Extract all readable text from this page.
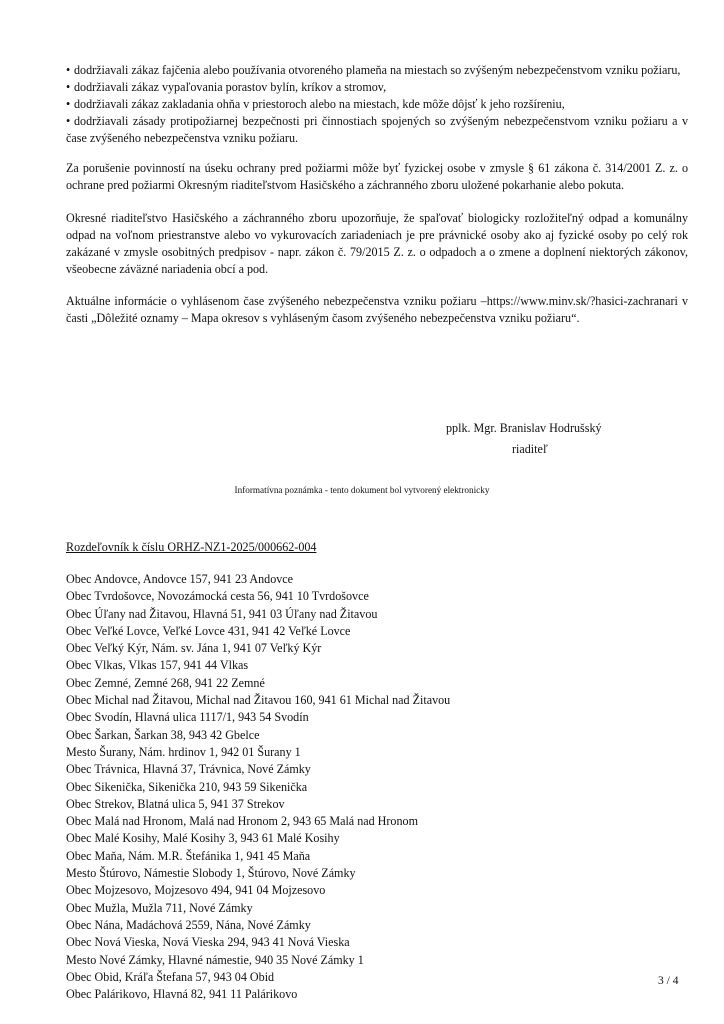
• dodržiavali zákaz fajčenia alebo používania otvoreného plameňa na miestach so zvýšeným nebezpečenstvom vzniku požiaru,
• dodržiavali zákaz vypaľovania porastov bylín, kríkov a stromov,
• dodržiavali zákaz zakladania ohňa v priestoroch alebo na miestach, kde môže dôjsť k jeho rozšíreniu,
• dodržiavali zásady protipožiarnej bezpečnosti pri činnostiach spojených so zvýšeným nebezpečenstvom vzniku požiaru a v čase zvýšeného nebezpečenstva vzniku požiaru.
Za porušenie povinností na úseku ochrany pred požiarmi môže byť fyzickej osobe v zmysle § 61 zákona č. 314/2001 Z. z. o ochrane pred požiarmi Okresným riaditeľstvom Hasičského a záchranného zboru uložené pokarhanie alebo pokuta.
Okresné riaditeľstvo Hasičského a záchranného zboru upozorňuje, že spaľovať biologicky rozložiteľný odpad a komunálny odpad na voľnom priestranstve alebo vo vykurovacích zariadeniach je pre právnické osoby ako aj fyzické osoby po celý rok zakázané v zmysle osobitných predpisov - napr. zákon č. 79/2015 Z. z. o odpadoch a o zmene a doplnení niektorých zákonov, všeobecne záväzné nariadenia obcí a pod.
Aktuálne informácie o vyhlásenom čase zvýšeného nebezpečenstva vzniku požiaru –https://www.minv.sk/?hasici-zachranari v časti „Dôležité oznamy – Mapa okresov s vyhláseným časom zvýšeného nebezpečenstva vzniku požiaru“.
pplk. Mgr. Branislav Hodrušský
riaditeľ
Informatívna poznámka - tento dokument bol vytvorený elektronicky
Rozdeľovník k číslu ORHZ-NZ1-2025/000662-004
Obec Andovce, Andovce 157, 941 23 Andovce
Obec Tvrdošovce, Novozámocká cesta 56, 941 10 Tvrdošovce
Obec Úľany nad Žitavou, Hlavná 51, 941 03 Úľany nad Žitavou
Obec Veľké Lovce, Veľké Lovce 431, 941 42 Veľké Lovce
Obec Veľký Kýr, Nám. sv. Jána 1, 941 07 Veľký Kýr
Obec Vlkas, Vlkas 157, 941 44 Vlkas
Obec Zemné, Zemné 268, 941 22 Zemné
Obec Michal nad Žitavou, Michal nad Žitavou 160, 941 61 Michal nad Žitavou
Obec Svodín, Hlavná ulica 1117/1, 943 54 Svodín
Obec Šarkan, Šarkan 38, 943 42 Gbelce
Mesto Šurany, Nám. hrdinov 1, 942 01 Šurany 1
Obec Trávnica, Hlavná 37, Trávnica, Nové Zámky
Obec Sikenička, Sikenička 210, 943 59 Sikenička
Obec Strekov, Blatná ulica 5, 941 37 Strekov
Obec Malá nad Hronom, Malá nad Hronom 2, 943 65 Malá nad Hronom
Obec Malé Kosihy, Malé Kosihy 3, 943 61 Malé Kosihy
Obec Maňa, Nám. M.R. Štefánika 1, 941 45 Maňa
Mesto Štúrovo, Námestie Slobody 1, Štúrovo, Nové Zámky
Obec Mojzesovo, Mojzesovo 494, 941 04 Mojzesovo
Obec Mužla, Mužla 711, Nové Zámky
Obec Nána, Madáchová 2559, Nána, Nové Zámky
Obec Nová Vieska, Nová Vieska 294, 943 41 Nová Vieska
Mesto Nové Zámky, Hlavné námestie, 940 35 Nové Zámky 1
Obec Obid, Kráľa Štefana 57, 943 04 Obid
Obec Palárikovo, Hlavná 82, 941 11 Palárikovo
3 / 4
